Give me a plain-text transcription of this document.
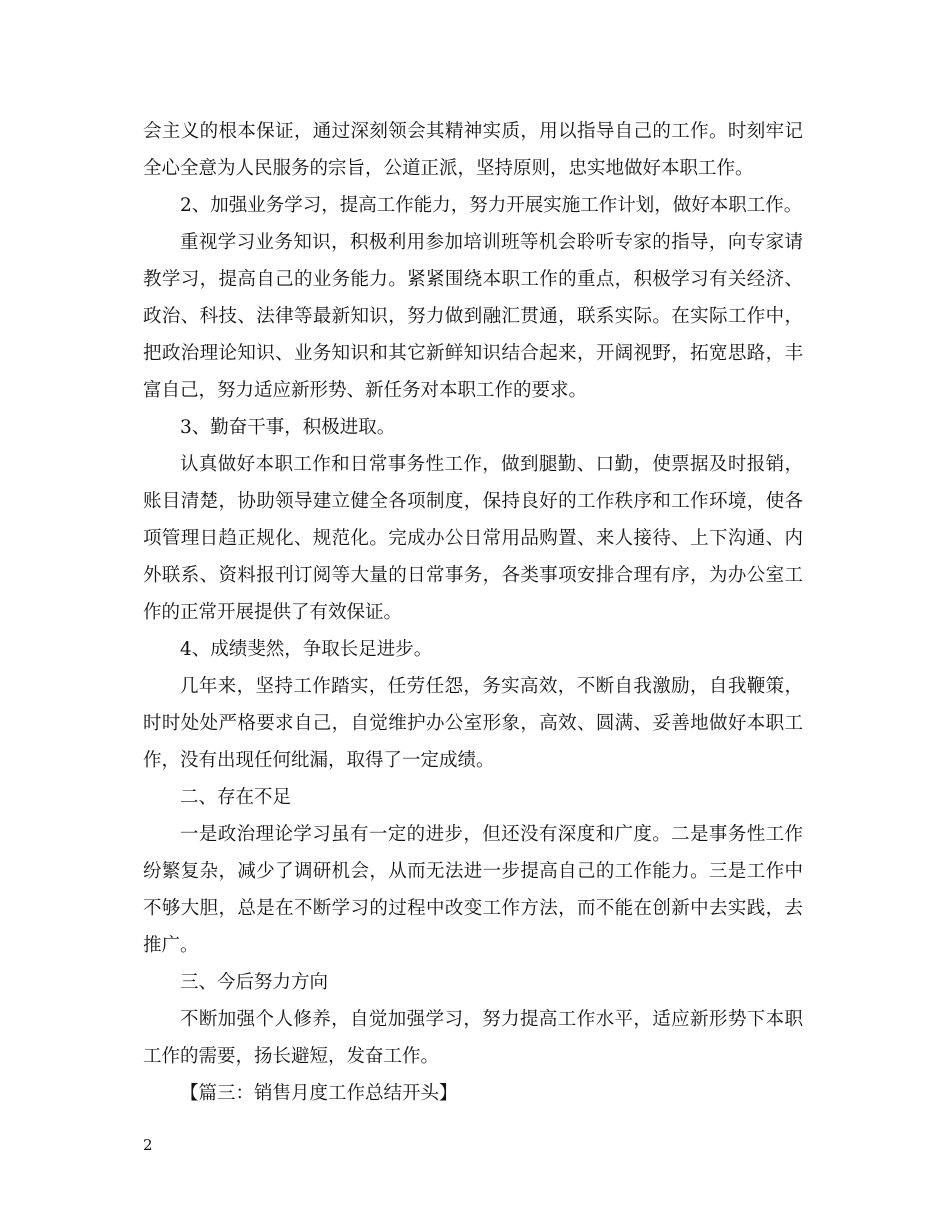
会主义的根本保证，通过深刻领会其精神实质，用以指导自己的工作。时刻牢记全心全意为人民服务的宗旨，公道正派，坚持原则，忠实地做好本职工作。

2、加强业务学习，提高工作能力，努力开展实施工作计划，做好本职工作。

重视学习业务知识，积极利用参加培训班等机会聆听专家的指导，向专家请教学习，提高自己的业务能力。紧紧围绕本职工作的重点，积极学习有关经济、政治、科技、法律等最新知识，努力做到融汇贯通，联系实际。在实际工作中，把政治理论知识、业务知识和其它新鲜知识结合起来，开阔视野，拓宽思路，丰富自己，努力适应新形势、新任务对本职工作的要求。

3、勤奋干事，积极进取。

认真做好本职工作和日常事务性工作，做到腿勤、口勤，使票据及时报销，账目清楚，协助领导建立健全各项制度，保持良好的工作秩序和工作环境，使各项管理日趋正规化、规范化。完成办公日常用品购置、来人接待、上下沟通、内外联系、资料报刊订阅等大量的日常事务，各类事项安排合理有序，为办公室工作的正常开展提供了有效保证。

4、成绩斐然，争取长足进步。

几年来，坚持工作踏实，任劳任怨，务实高效，不断自我激励，自我鞭策，时时处处严格要求自己，自觉维护办公室形象，高效、圆满、妥善地做好本职工作，没有出现任何纰漏，取得了一定成绩。

二、存在不足

一是政治理论学习虽有一定的进步，但还没有深度和广度。二是事务性工作纷繁复杂，减少了调研机会，从而无法进一步提高自己的工作能力。三是工作中不够大胆，总是在不断学习的过程中改变工作方法，而不能在创新中去实践，去推广。

三、今后努力方向

不断加强个人修养，自觉加强学习，努力提高工作水平，适应新形势下本职工作的需要，扬长避短，发奋工作。

【篇三：销售月度工作总结开头】

2
